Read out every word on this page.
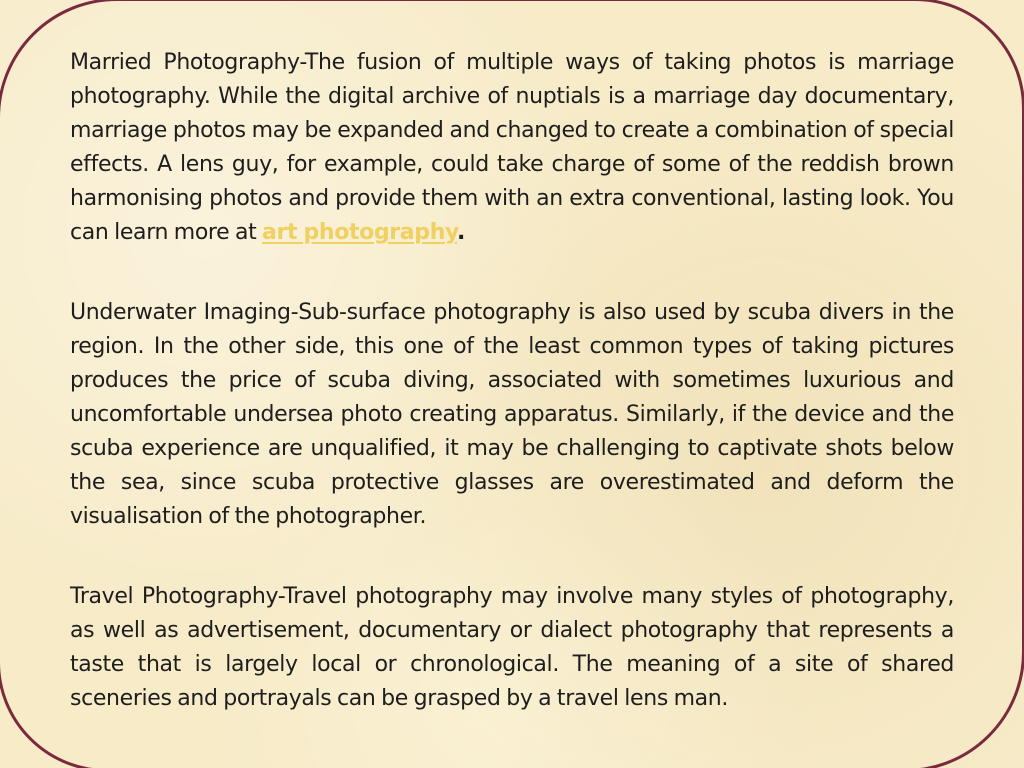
Married Photography-The fusion of multiple ways of taking photos is marriage photography. While the digital archive of nuptials is a marriage day documentary, marriage photos may be expanded and changed to create a combination of special effects. A lens guy, for example, could take charge of some of the reddish brown harmonising photos and provide them with an extra conventional, lasting look. You can learn more at art photography.

Underwater Imaging-Sub-surface photography is also used by scuba divers in the region. In the other side, this one of the least common types of taking pictures produces the price of scuba diving, associated with sometimes luxurious and uncomfortable undersea photo creating apparatus. Similarly, if the device and the scuba experience are unqualified, it may be challenging to captivate shots below the sea, since scuba protective glasses are overestimated and deform the visualisation of the photographer.

Travel Photography-Travel photography may involve many styles of photography, as well as advertisement, documentary or dialect photography that represents a taste that is largely local or chronological. The meaning of a site of shared sceneries and portrayals can be grasped by a travel lens man.
